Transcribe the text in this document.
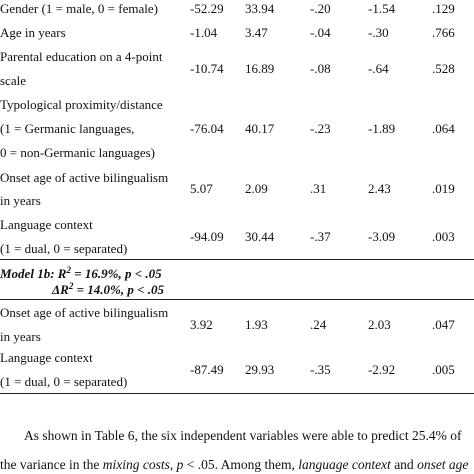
Gender (1 = male, 0 = female) -52.29 33.94	-.20	-1.54	.129
Age in years	-1.04 3.47	-.04	-.30	.766
Parental education on a 4-point
scale
-10.74 16.89	-.08	-.64	.528
Typological proximity/distance
(1 = Germanic languages,
0 = non-Germanic languages)
-76.04 40.17	-.23	-1.89	.064
Onset age of active bilingualism
in years
5.07 2.09	.31	2.43	.019
Language context
(1 = dual, 0 = separated)
-94.09 30.44	-.37	-3.09	.003
Model 1b: $R^2 = 16.9\%$, p < .05
$\Delta R^2 = 14.0\%$, p < .05
Onset age of active bilingualism
in years
3.92 1.93	.24	2.03	.047
Language context
(1 = dual, 0 = separated)
-87.49 29.93	-.35	-2.92	.005
As shown in Table 6, the six independent variables were able to predict 25.4% of
the variance in the mixing costs, p < .05. Among them, language context and onset age
